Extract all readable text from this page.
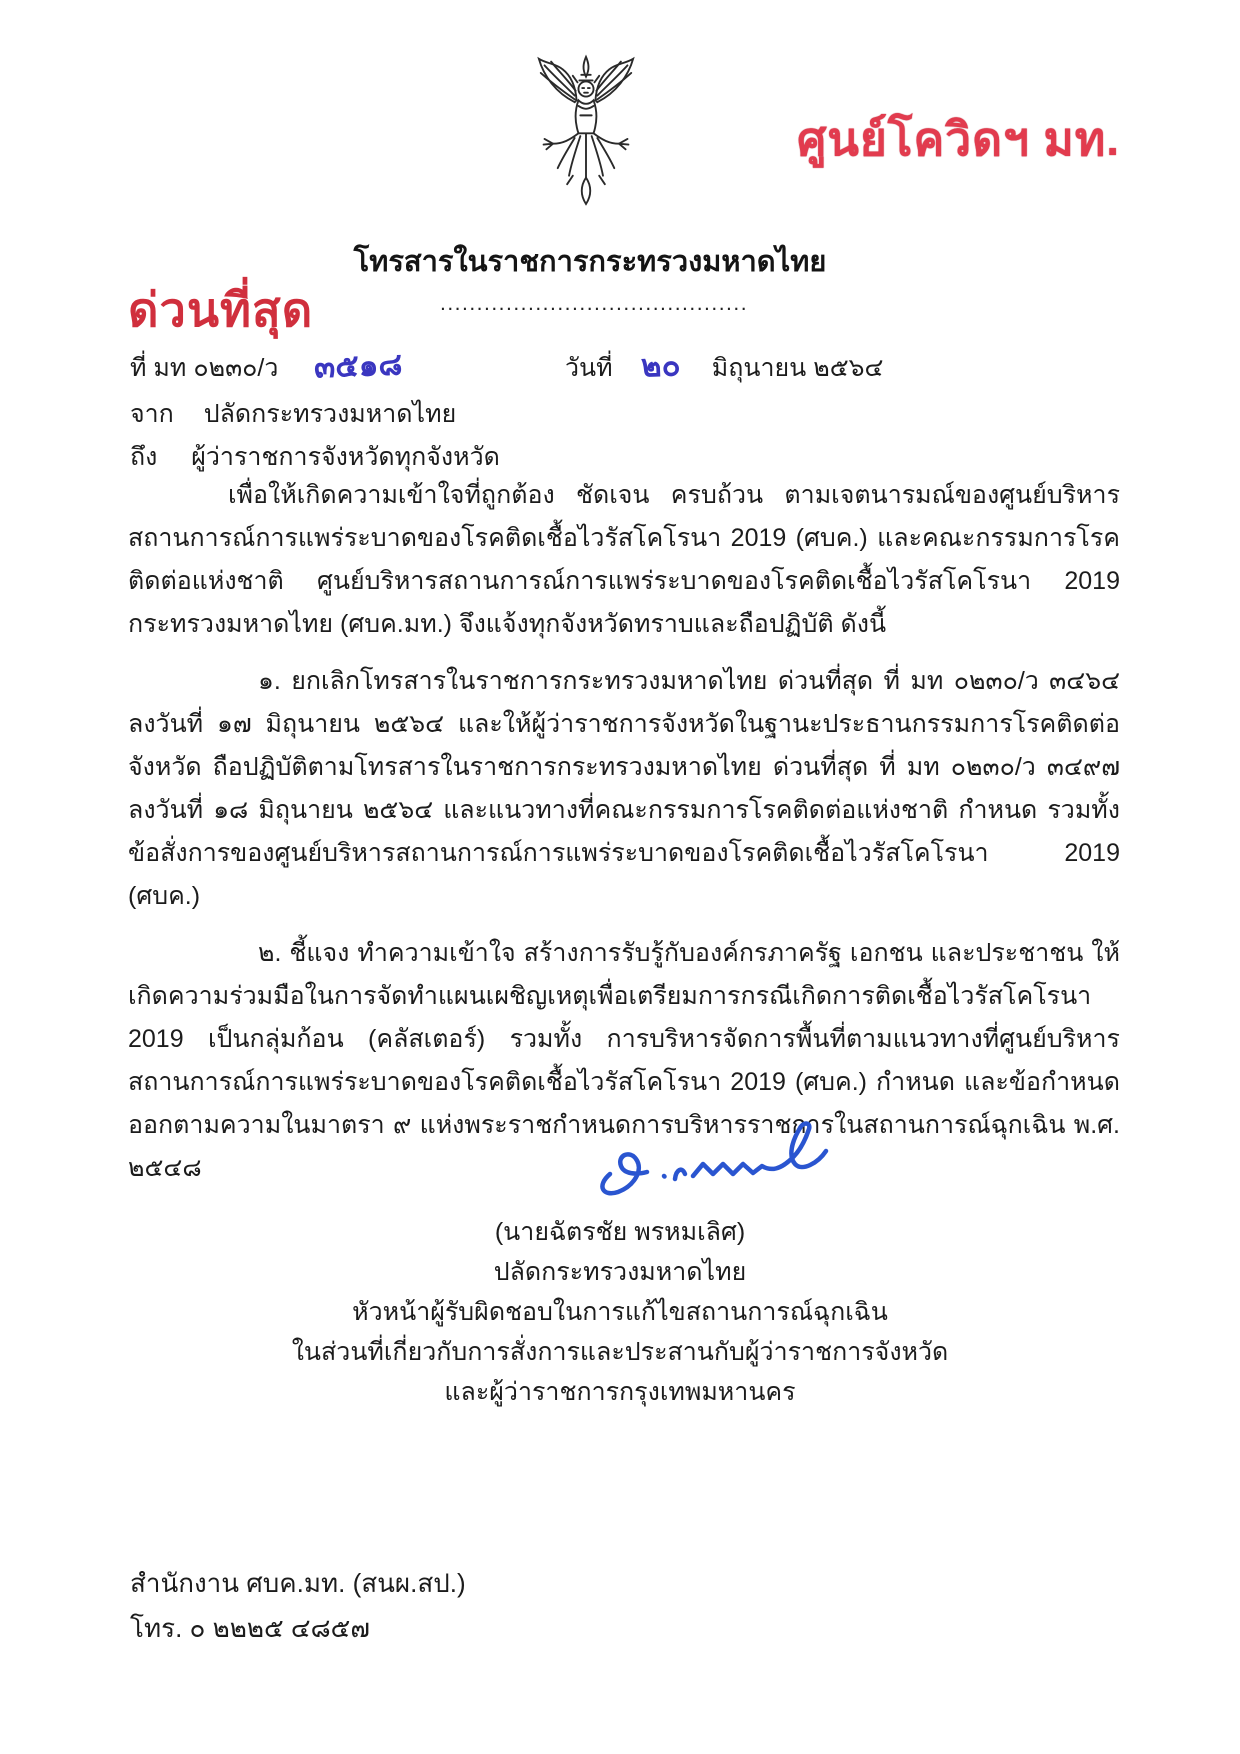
ศูนย์โควิดฯ มท.
โทรสารในราชการกระทรวงมหาดไทย
ด่วนที่สุด	..........................................
ที่ มท ๐๒๓๐/ว ๓๕๑๘	วันที่ ๒๐ มิถุนายน ๒๕๖๔
จาก ปลัดกระทรวงมหาดไทย
ถึง ผู้ว่าราชการจังหวัดทุกจังหวัด

เพื่อให้เกิดความเข้าใจที่ถูกต้อง ชัดเจน ครบถ้วน ตามเจตนารมณ์ของศูนย์บริหารสถานการณ์การแพร่ระบาดของโรคติดเชื้อไวรัสโคโรนา 2019 (ศบค.) และคณะกรรมการโรคติดต่อแห่งชาติ ศูนย์บริหารสถานการณ์การแพร่ระบาดของโรคติดเชื้อไวรัสโคโรนา 2019 กระทรวงมหาดไทย (ศบค.มท.) จึงแจ้งทุกจังหวัดทราบและถือปฏิบัติ ดังนี้

๑. ยกเลิกโทรสารในราชการกระทรวงมหาดไทย ด่วนที่สุด ที่ มท ๐๒๓๐/ว ๓๔๖๔ ลงวันที่ ๑๗ มิถุนายน ๒๕๖๔ และให้ผู้ว่าราชการจังหวัดในฐานะประธานกรรมการโรคติดต่อจังหวัด ถือปฏิบัติตามโทรสารในราชการกระทรวงมหาดไทย ด่วนที่สุด ที่ มท ๐๒๓๐/ว ๓๔๙๗ ลงวันที่ ๑๘ มิถุนายน ๒๕๖๔ และแนวทางที่คณะกรรมการโรคติดต่อแห่งชาติ กำหนด รวมทั้งข้อสั่งการของศูนย์บริหารสถานการณ์การแพร่ระบาดของโรคติดเชื้อไวรัสโคโรนา 2019 (ศบค.)

๒. ชี้แจง ทำความเข้าใจ สร้างการรับรู้กับองค์กรภาครัฐ เอกชน และประชาชน ให้เกิดความร่วมมือในการจัดทำแผนเผชิญเหตุเพื่อเตรียมการกรณีเกิดการติดเชื้อไวรัสโคโรนา 2019 เป็นกลุ่มก้อน (คลัสเตอร์) รวมทั้ง การบริหารจัดการพื้นที่ตามแนวทางที่ศูนย์บริหารสถานการณ์การแพร่ระบาดของโรคติดเชื้อไวรัสโคโรนา 2019 (ศบค.) กำหนด และข้อกำหนดออกตามความในมาตรา ๙ แห่งพระราชกำหนดการบริหารราชการในสถานการณ์ฉุกเฉิน พ.ศ. ๒๕๔๘

(นายฉัตรชัย พรหมเลิศ)
ปลัดกระทรวงมหาดไทย
หัวหน้าผู้รับผิดชอบในการแก้ไขสถานการณ์ฉุกเฉิน
ในส่วนที่เกี่ยวกับการสั่งการและประสานกับผู้ว่าราชการจังหวัด
และผู้ว่าราชการกรุงเทพมหานคร
สำนักงาน ศบค.มท. (สนผ.สป.)
โทร. ๐ ๒๒๒๕ ๔๘๕๗
